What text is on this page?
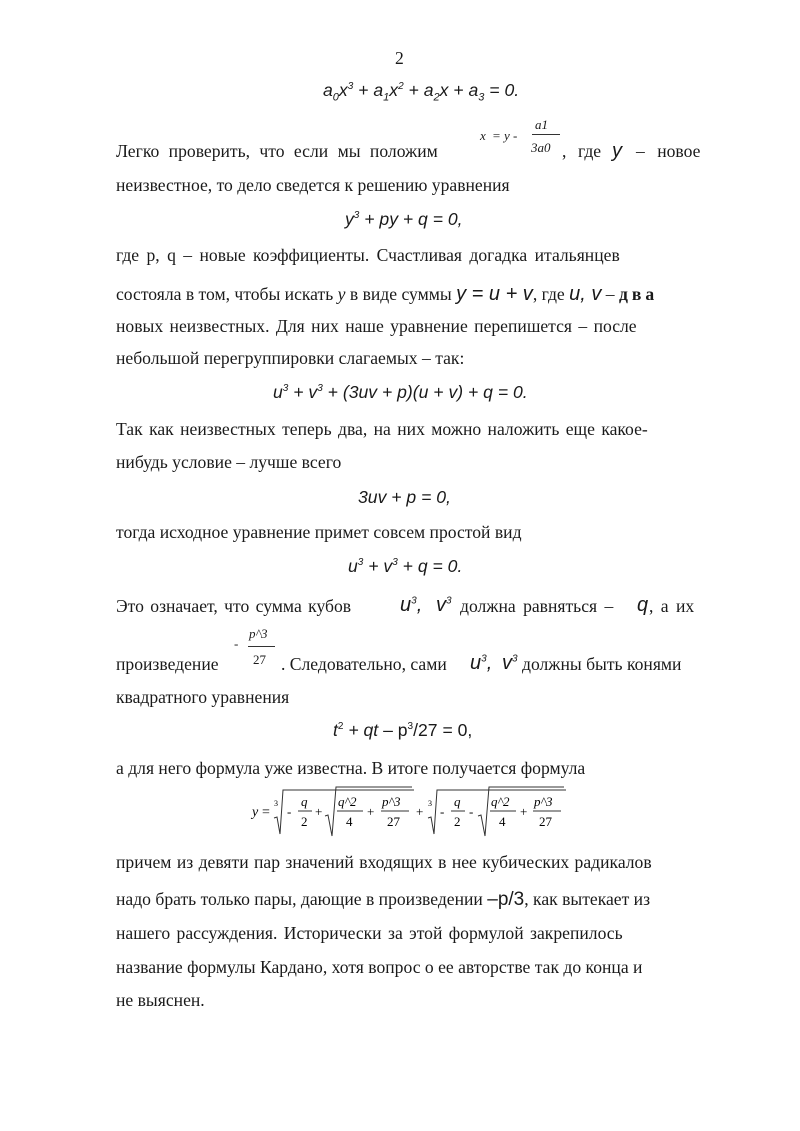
2
$a_0x^3 + a_1x^2 + a_2x + a_3 = 0$.
Легко проверить, что если мы положим
x = y -
a1
3a0 , где y – новое
неизвестное, то дело сведется к решению уравнения
$y^3$ + py + q = 0,
где p, q – новые коэффициенты. Счастливая догадка итальянцев
состояла в том, чтобы искать y в виде суммы y = u + v, где u, v – два
новых неизвестных. Для них наше уравнение перепишется – после
небольшой перегруппировки слагаемых – так:
$u^3 + v^3 + (3uv + p)(u + v) + q = 0$.
Так как неизвестных теперь два, на них можно наложить еще какое-
нибудь условие – лучше всего
3uv + p = 0,
тогда исходное уравнение примет совсем простой вид
$u^3 + v^3 + q = 0$.
Это означает, что сумма кубов $u^3$, $v^3$ должна равняться – q , а их
-
p^3
27
произведение	. Следовательно, сами $u^3$, $v^3$ должны быть конями
квадратного уравнения
$t^2$ + qt – $p^3/27 = 0$,
а для него формула уже известна. В итоге получается формула
y =
3
-
q
2
+
q^2
4
+
p^3
27
+
3
-
q
2
-
q^2
4
+
p^3
27
причем из девяти пар значений входящих в нее кубических радикалов
надо брать только пары, дающие в произведении –p/3, как вытекает из
нашего рассуждения. Исторически за этой формулой закрепилось
название формулы Кардано, хотя вопрос о ее авторстве так до конца и
не выяснен.
